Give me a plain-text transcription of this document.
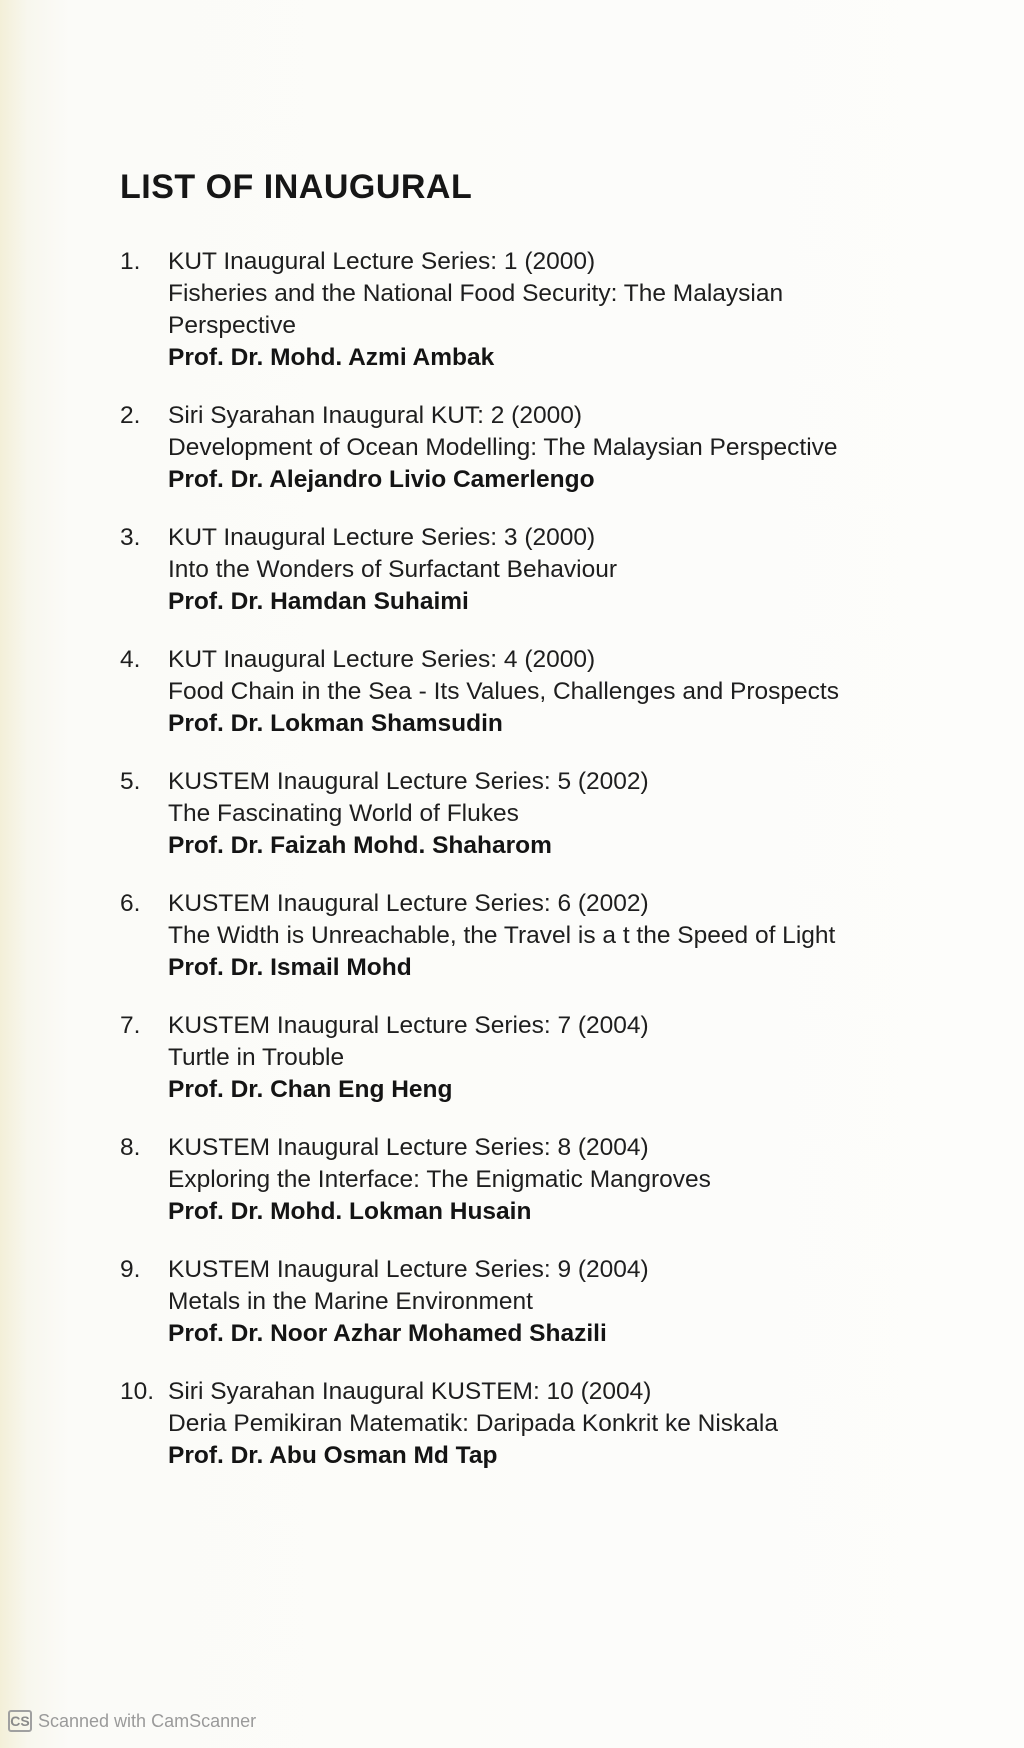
LIST OF INAUGURAL
1.	KUT Inaugural Lecture Series: 1 (2000)
Fisheries and the National Food Security: The Malaysian
Perspective
Prof. Dr. Mohd. Azmi Ambak
2.	Siri Syarahan Inaugural KUT: 2 (2000)
Development of Ocean Modelling: The Malaysian Perspective
Prof. Dr. Alejandro Livio Camerlengo
3.	KUT Inaugural Lecture Series: 3 (2000)
Into the Wonders of Surfactant Behaviour
Prof. Dr. Hamdan Suhaimi
4.	KUT Inaugural Lecture Series: 4 (2000)
Food Chain in the Sea - Its Values, Challenges and Prospects
Prof. Dr. Lokman Shamsudin
5.	KUSTEM Inaugural Lecture Series: 5 (2002)
The Fascinating World of Flukes
Prof. Dr. Faizah Mohd. Shaharom
6.	KUSTEM Inaugural Lecture Series: 6 (2002)
The Width is Unreachable, the Travel is a t the Speed of Light
Prof. Dr. Ismail Mohd
7.	KUSTEM Inaugural Lecture Series: 7 (2004)
Turtle in Trouble
Prof. Dr. Chan Eng Heng
8.	KUSTEM Inaugural Lecture Series: 8 (2004)
Exploring the Interface: The Enigmatic Mangroves
Prof. Dr. Mohd. Lokman Husain
9.	KUSTEM Inaugural Lecture Series: 9 (2004)
Metals in the Marine Environment
Prof. Dr. Noor Azhar Mohamed Shazili
10. Siri Syarahan Inaugural KUSTEM: 10 (2004)
Deria Pemikiran Matematik: Daripada Konkrit ke Niskala
Prof. Dr. Abu Osman Md Tap
CS Scanned with CamScanner
